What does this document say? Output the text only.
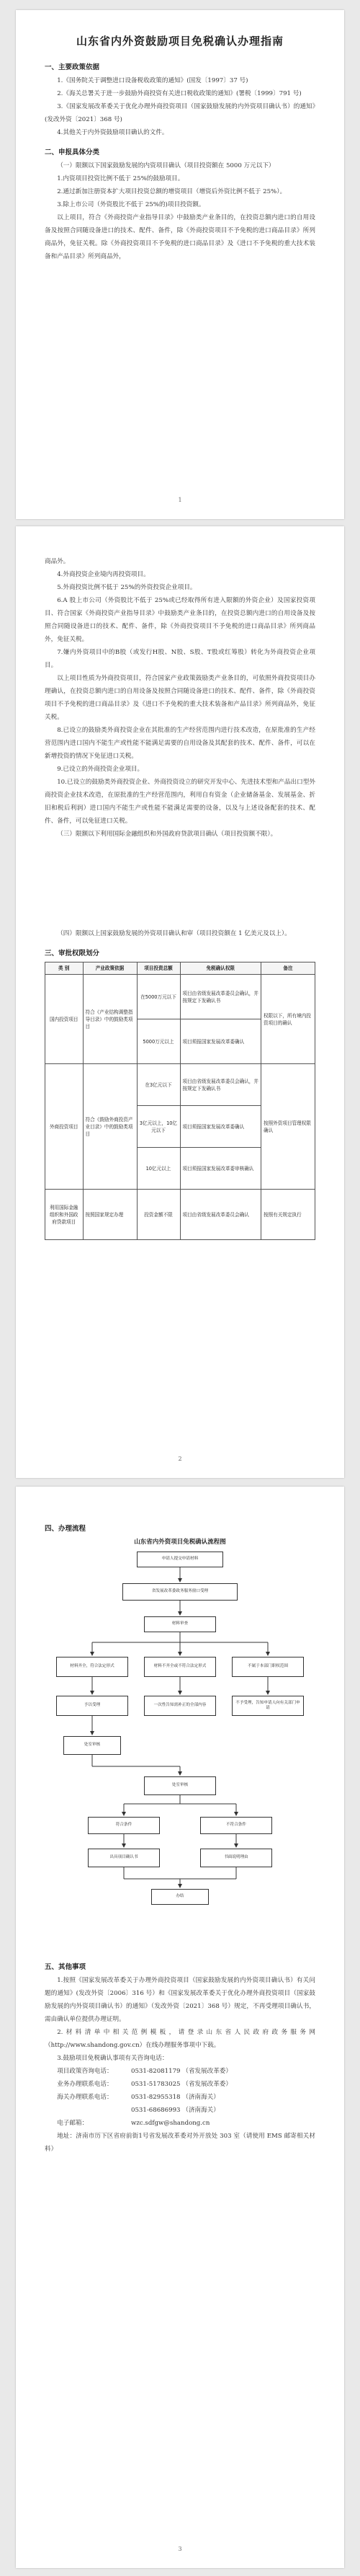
山东省内外资鼓励项目免税确认办理指南
一、主要政策依据

1.《国务院关于调整进口设备税收政策的通知》(国发〔1997〕37 号)

2.《海关总署关于进一步鼓励外商投资有关进口税收政策的通知》(署税〔1999〕791 号)

3.《国家发展改革委关于优化办理外商投资项目（国家鼓励发展的内外资项目确认书）的通知》(发改外资〔2021〕368 号)

4.其他关于内外资鼓励项目确认的文件。

二、申报具体分类

（一）限额以下国家鼓励发展的内资项目确认（项目投资额在 5000 万元以下）

1.内资项目投资比例不低于 25%的鼓励项目。

2.通过新加注册资本扩大项目投资总额的增资项目（增资后外资比例不低于 25%）。

3.除上市公司（外资股比不低于 25%的)项目投资额。

以上项目，符合《外商投资产业指导目录》中鼓励类产业条目的，在投资总额内进口的自用设备及按照合同随设备进口的技术、配件、备件，除《外商投资项目不予免税的进口商品目录》所列商品外，免征关税。除《外商投资项目不予免税的进口商品目录》及《进口不予免税的重大技术装备和产品目录》所列商品外，

1

商品外。

4.外商投资企业境内再投资项目。

5.外商投资比例不低于 25%的外资投资企业项目。

6.A 股上市公司（外资股比不低于 25%或已经取得所有进入限额的外资企业）及国家投资项目、符合国家《外商投资产业指导目录》中鼓励类产业条目的，在投资总额内进口的自用设备及按照合同随设备进口的技术、配件、备件，除《外商投资项目不予免税的进口商品目录》所列商品外，免征关税。

7.嫌内外资项目中的B股（或发行H股、N股、S股、T股或红筹股）转化为外商投资企业项目。

以上项目性质为外商投资项目，符合国家产业政策鼓励类产业条目的，可依照外商投资项目办理确认，在投资总额内进口的自用设备及按照合同随设备进口的技术、配件、备件，除《外商投资项目不予免税的进口商品目录》及《进口不予免税的重大技术装备和产品目录》所列商品外，免征关税。

8.已设立的鼓励类外商投资企业在其批准的生产经营范围内进行技术改造，在原批准的生产经营范围内进口国内不能生产或性能不能满足需要的自用设备及其配套的技术、配件、备件，可以在新增投资的情况下免征进口关税。

9.已设立的外商投资企业项目。

10.已设立的鼓励类外商投资企业、外商投资设立的研究开发中心、先进技术型和产品出口型外商投资企业技术改造，在原批准的生产经营范围内，利用自有资金（企业储备基金、发展基金、折旧和税后利润）进口国内不能生产或性能不能满足需要的设备，以及与上述设备配套的技术、配件、备件，可以免征进口关税。

（三）限额以下利用国际金融组织和外国政府贷款项目确认（项目投资额不限）。

（四）限额以上国家鼓励发展的外资项目确认和审（项目投资额在 1 亿美元及以上）。

三、审批权限划分
类 别	产业政策依据	项目投资总额	免税确认权限	备注
国内投资项目	符合《产业结构调整指导目录》中的鼓励类项目	在5000万元以下	项目由省级发展改革委员会确认，并按规定下发确认书	权限以下，所有境内投资项目的确认
		5000万元以上	项目须报国家发展改革委确认	
外商投资项目	符合《鼓励外商投资产业目录》中的鼓励类项目	在3亿元以下	项目由省级发展改革委员会确认，并按规定下发确认书	按照外资项目管理权限确认
		3亿元以上，10亿元以下	项目须报国家发展改革委确认	
		10亿元以上	项目须报国家发展改革委审核确认	
利用国际金融组织和外国政府贷款项目	按照国家规定办理	投资金额不限	项目由省级发展改革委员会确认	按照有关规定执行
2
四、办理流程
山东省内外资项目免税确认流程图
申请人提交申请材料
省发展改革委政务服务窗口受理
材料审查
材料齐全，符合法定形式	材料不齐全或不符合法定形式	不属于本部门职权范围
予以受理	一次性告知需补正的全部内容
不予受理，告知申请人向有关部门申请
处室审核
处室审核
符合条件	不符合条件
出具项目确认书	书面说明理由
办结
五、其他事项

1.按照《国家发展改革委关于办理外商投资项目（国家鼓励发展的内外资项目确认书）有关问题的通知》(发改外资〔2006〕316 号）和《国家发展改革委关于优化办理外商投资项目（国家鼓励发展的内外资项目确认书）的通知》（发改外资〔2021〕368 号）规定，不再受理项目确认书，需由确认单位提供办理证明。

2.材料清单中相关范例模板，请登录山东省人民政府政务服务网（http://www.shandong.gov.cn）在线办理服务事项中下载。

3.鼓励项目免税确认事项有关咨询电话：

项目政策咨询电话：	0531-82081179 （省发展改革委）

业务办理联系电话：	0531-51783025 （省发展改革委）

海关办理联系电话：	0531-82955318 （济南海关）

0531-68686993 （济南海关）

电子邮箱：	wzc.sdfgw@shandong.cn

地址：济南市历下区省府前街1号省发展改革委对外开放处 303 室（请使用 EMS 邮寄相关材料）

3
